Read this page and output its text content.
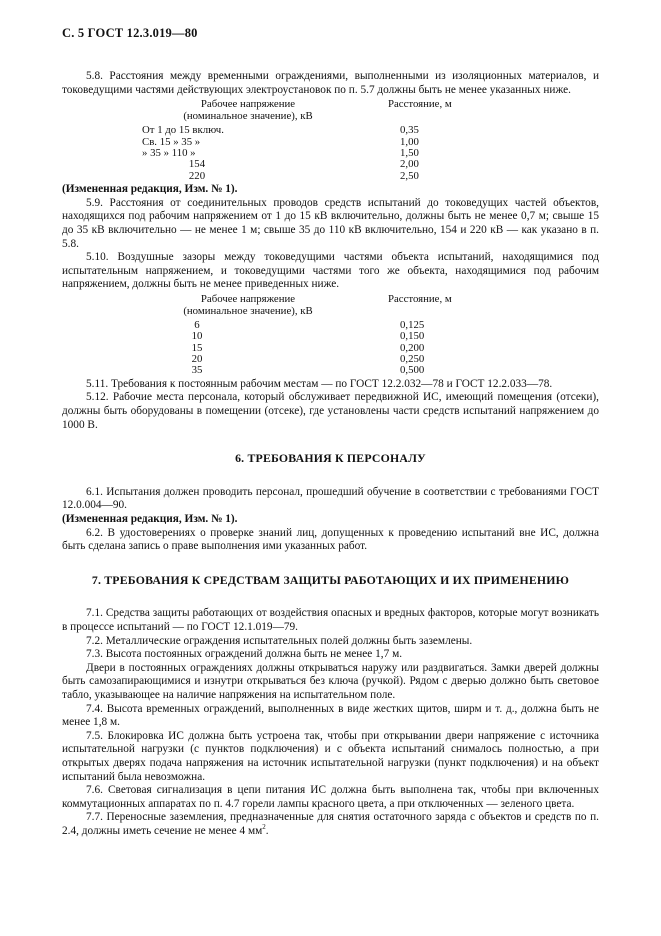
С. 5 ГОСТ 12.3.019—80

5.8. Расстояния между временными ограждениями, выполненными из изоляционных материалов, и токоведущими частями действующих электроустановок по п. 5.7 должны быть не менее указанных ниже.

Рабочее напряжение (номинальное значение), кВ
Расстояние, м
От 1 до 15 включ.	0,35
Св. 15 » 35 »	1,00
» 35 » 110 »	1,50
154	2,00
220	2,50

(Измененная редакция, Изм. № 1).

5.9. Расстояния от соединительных проводов средств испытаний до токоведущих частей объектов, находящихся под рабочим напряжением от 1 до 15 кВ включительно, должны быть не менее 0,7 м; свыше 15 до 35 кВ включительно — не менее 1 м; свыше 35 до 110 кВ включительно, 154 и 220 кВ — как указано в п. 5.8.

5.10. Воздушные зазоры между токоведущими частями объекта испытаний, находящимися под испытательным напряжением, и токоведущими частями того же объекта, находящимися под рабочим напряжением, должны быть не менее приведенных ниже.

Рабочее напряжение (номинальное значение), кВ
Расстояние, м
6	0,125
10	0,150
15	0,200
20	0,250
35	0,500

5.11. Требования к постоянным рабочим местам — по ГОСТ 12.2.032—78 и ГОСТ 12.2.033—78.

5.12. Рабочие места персонала, который обслуживает передвижной ИС, имеющий помещения (отсеки), должны быть оборудованы в помещении (отсеке), где установлены части средств испытаний напряжением до 1000 В.

6. ТРЕБОВАНИЯ К ПЕРСОНАЛУ

6.1. Испытания должен проводить персонал, прошедший обучение в соответствии с требованиями ГОСТ 12.0.004—90.

(Измененная редакция, Изм. № 1).

6.2. В удостоверениях о проверке знаний лиц, допущенных к проведению испытаний вне ИС, должна быть сделана запись о праве выполнения ими указанных работ.

7. ТРЕБОВАНИЯ К СРЕДСТВАМ ЗАЩИТЫ РАБОТАЮЩИХ И ИХ ПРИМЕНЕНИЮ

7.1. Средства защиты работающих от воздействия опасных и вредных факторов, которые могут возникать в процессе испытаний — по ГОСТ 12.1.019—79.

7.2. Металлические ограждения испытательных полей должны быть заземлены.

7.3. Высота постоянных ограждений должна быть не менее 1,7 м.

Двери в постоянных ограждениях должны открываться наружу или раздвигаться. Замки дверей должны быть самозапирающимися и изнутри открываться без ключа (ручкой). Рядом с дверью должно быть световое табло, указывающее на наличие напряжения на испытательном поле.

7.4. Высота временных ограждений, выполненных в виде жестких щитов, ширм и т. д., должна быть не менее 1,8 м.

7.5. Блокировка ИС должна быть устроена так, чтобы при открывании двери напряжение с источника испытательной нагрузки (с пунктов подключения) и с объекта испытаний снималось полностью, а при открытых дверях подача напряжения на источник испытательной нагрузки (пункт подключения) и на объект испытаний была невозможна.

7.6. Световая сигнализация в цепи питания ИС должна быть выполнена так, чтобы при включенных коммутационных аппаратах по п. 4.7 горели лампы красного цвета, а при отключенных — зеленого цвета.

7.7. Переносные заземления, предназначенные для снятия остаточного заряда с объектов и средств по п. 2.4, должны иметь сечение не менее 4 $мм^2$.
